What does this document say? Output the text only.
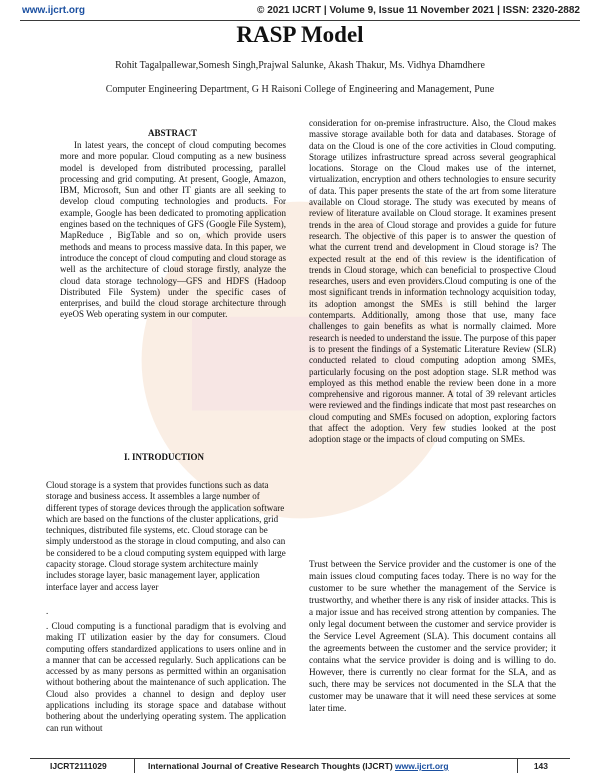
www.ijcrt.org	© 2021 IJCRT | Volume 9, Issue 11 November 2021 | ISSN: 2320-2882
RASP Model
Rohit Tagalpallewar,Somesh Singh,Prajwal Salunke, Akash Thakur, Ms. Vidhya Dhamdhere
Computer Engineering Department, G H Raisoni College of Engineering and Management, Pune
ABSTRACT

In latest years, the concept of cloud computing becomes more and more popular. Cloud computing as a new business model is developed from distributed processing, parallel processing and grid computing. At present, Google, Amazon, IBM, Microsoft, Sun and other IT giants are all seeking to develop cloud computing technologies and products. For example, Google has been dedicated to promoting application engines based on the techniques of GFS (Google File System), MapReduce , BigTable and so on, which provide users methods and means to process massive data. In this paper, we introduce the concept of cloud computing and cloud storage as well as the architecture of cloud storage firstly, analyze the cloud data storage technology—GFS and HDFS (Hadoop Distributed File System) under the specific cases of enterprises, and build the cloud storage architecture through eyeOS Web operating system in our computer.

I. INTRODUCTION

Cloud storage is a system that provides functions such as data storage and business access. It assembles a large number of different types of storage devices through the application software which are based on the functions of the cluster applications, grid techniques, distributed file systems, etc. Cloud storage can be simply understood as the storage in cloud computing, and also can be considered to be a cloud computing system equipped with large capacity storage. Cloud storage system architecture mainly includes storage layer, basic management layer, application interface layer and access layer

.

. Cloud computing is a functional paradigm that is evolving and making IT utilization easier by the day for consumers. Cloud computing offers standardized applications to users online and in a manner that can be accessed regularly. Such applications can be accessed by as many persons as permitted within an organisation without bothering about the maintenance of such application. The Cloud also provides a channel to design and deploy user applications including its storage space and database without bothering about the underlying operating system. The application can run without

consideration for on-premise infrastructure. Also, the Cloud makes massive storage available both for data and databases. Storage of data on the Cloud is one of the core activities in Cloud computing. Storage utilizes infrastructure spread across several geographical locations. Storage on the Cloud makes use of the internet, virtualization, encryption and others technologies to ensure security of data. This paper presents the state of the art from some literature available on Cloud storage. The study was executed by means of review of literature available on Cloud storage. It examines present trends in the area of Cloud storage and provides a guide for future research. The objective of this paper is to answer the question of what the current trend and development in Cloud storage is? The expected result at the end of this review is the identification of trends in Cloud storage, which can beneficial to prospective Cloud researches, users and even providers.Cloud computing is one of the most significant trends in information technology acquisition today, its adoption amongst the SMEs is still behind the larger contemparts. Additionally, among those that use, many face challenges to gain benefits as what is normally claimed. More research is needed to understand the issue. The purpose of this paper is to present the findings of a Systematic Literature Review (SLR) conducted related to cloud computing adoption among SMEs, particularly focusing on the post adoption stage. SLR method was employed as this method enable the review been done in a more comprehensive and rigorous manner. A total of 39 relevant articles were reviewed and the findings indicate that most past researches on cloud computing and SMEs focused on adoption, exploring factors that affect the adoption. Very few studies looked at the post adoption stage or the impacts of cloud computing on SMEs.

Trust between the Service provider and the customer is one of the main issues cloud computing faces today. There is no way for the customer to be sure whether the management of the Service is trustworthy, and whether there is any risk of insider attacks. This is a major issue and has received strong attention by companies. The only legal document between the customer and service provider is the Service Level Agreement (SLA). This document contains all the agreements between the customer and the service provider; it contains what the service provider is doing and is willing to do. However, there is currently no clear format for the SLA, and as such, there may be services not documented in the SLA that the customer may be unaware that it will need these services at some later time.

IJCRT2111029	International Journal of Creative Research Thoughts (IJCRT) www.ijcrt.org	143
